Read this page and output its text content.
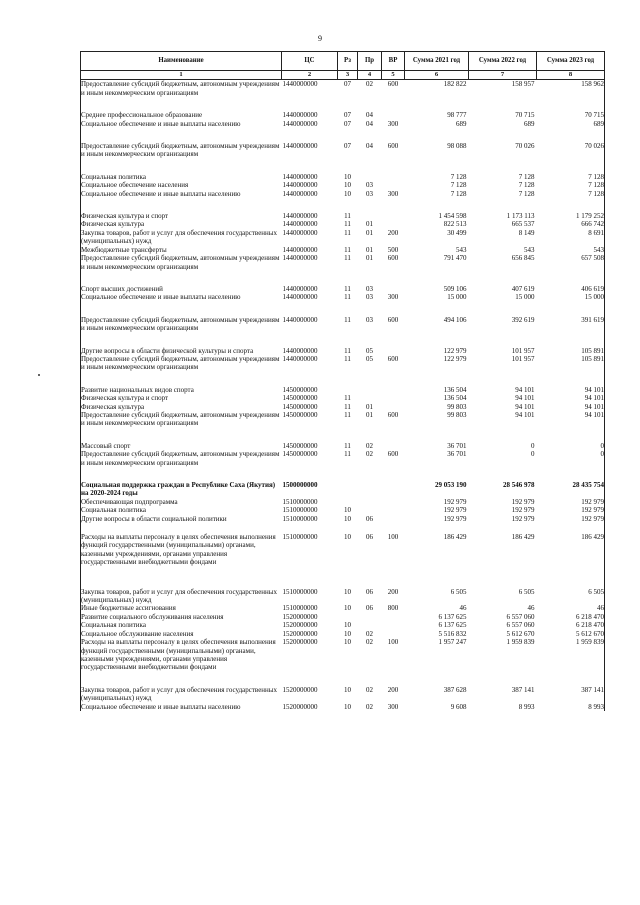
9
Наименование	ЦС	Рз	Пр	ВР	Сумма 2021 год	Сумма 2022 год	Сумма 2023 год
1	2	3	4	5	6	7	8
Предоставление субсидий бюджетным, автономным учреждениям и иным некоммерческим организациям	1440000000	07	02	600	182 822	158 957	158 962

Среднее профессиональное образование	1440000000	07	04		98 777	70 715	70 715
Социальное обеспечение и иные выплаты населению	1440000000	07	04	300	689	689	689

Предоставление субсидий бюджетным, автономным учреждениям и иным некоммерческим организациям	1440000000	07	04	600	98 088	70 026	70 026

Социальная политика	1440000000	10			7 128	7 128	7 128
Социальное обеспечение населения	1440000000	10	03		7 128	7 128	7 128
Социальное обеспечение и иные выплаты населению	1440000000	10	03	300	7 128	7 128	7 128

Физическая культура и спорт	1440000000	11			1 454 598	1 173 113	1 179 252
Физическая культура	1440000000	11	01		822 513	665 537	666 742
Закупка товаров, работ и услуг для обеспечения государственных (муниципальных) нужд	1440000000	11	01	200	30 499	8 149	8 691
Межбюджетные трансферты	1440000000	11	01	500	543	543	543
Предоставление субсидий бюджетным, автономным учреждениям и иным некоммерческим организациям	1440000000	11	01	600	791 470	656 845	657 508

Спорт высших достижений	1440000000	11	03		509 106	407 619	406 619
Социальное обеспечение и иные выплаты населению	1440000000	11	03	300	15 000	15 000	15 000

Предоставление субсидий бюджетным, автономным учреждениям и иным некоммерческим организациям	1440000000	11	03	600	494 106	392 619	391 619

Другие вопросы в области физической культуры и спорта	1440000000	11	05		122 979	101 957	105 891
Предоставление субсидий бюджетным, автономным учреждениям и иным некоммерческим организациям	1440000000	11	05	600	122 979	101 957	105 891

Развитие национальных видов спорта	1450000000				136 504	94 101	94 101
Физическая культура и спорт	1450000000	11			136 504	94 101	94 101
Физическая культура	1450000000	11	01		99 803	94 101	94 101
Предоставление субсидий бюджетным, автономным учреждениям и иным некоммерческим организациям	1450000000	11	01	600	99 803	94 101	94 101

Массовый спорт	1450000000	11	02		36 701	0	0
Предоставление субсидий бюджетным, автономным учреждениям и иным некоммерческим организациям	1450000000	11	02	600	36 701	0	0

Социальная поддержка граждан в Республике Саха (Якутия) на 2020-2024 годы	1500000000				29 053 190	28 546 978	28 435 754
Обеспечивающая подпрограмма	1510000000				192 979	192 979	192 979
Социальная политика	1510000000	10			192 979	192 979	192 979
Другие вопросы в области социальной политики	1510000000	10	06		192 979	192 979	192 979

Расходы на выплаты персоналу в целях обеспечения выполнения функций государственными (муниципальными) органами, казенными учреждениями, органами управления государственными внебюджетными фондами	1510000000	10	06	100	186 429	186 429	186 429

Закупка товаров, работ и услуг для обеспечения государственных (муниципальных) нужд	1510000000	10	06	200	6 505	6 505	6 505
Иные бюджетные ассигнования	1510000000	10	06	800	46	46	46
Развитие социального обслуживания населения	1520000000				6 137 625	6 557 060	6 218 470
Социальная политика	1520000000	10			6 137 625	6 557 060	6 218 470
Социальное обслуживание населения	1520000000	10	02		5 516 832	5 612 670	5 612 670
Расходы на выплаты персоналу в целях обеспечения выполнения функций государственными (муниципальными) органами, казенными учреждениями, органами управления государственными внебюджетными фондами	1520000000	10	02	100	1 957 247	1 959 839	1 959 839

Закупка товаров, работ и услуг для обеспечения государственных (муниципальных) нужд	1520000000	10	02	200	387 628	387 141	387 141
Социальное обеспечение и иные выплаты населению	1520000000	10	02	300	9 608	8 993	8 993
